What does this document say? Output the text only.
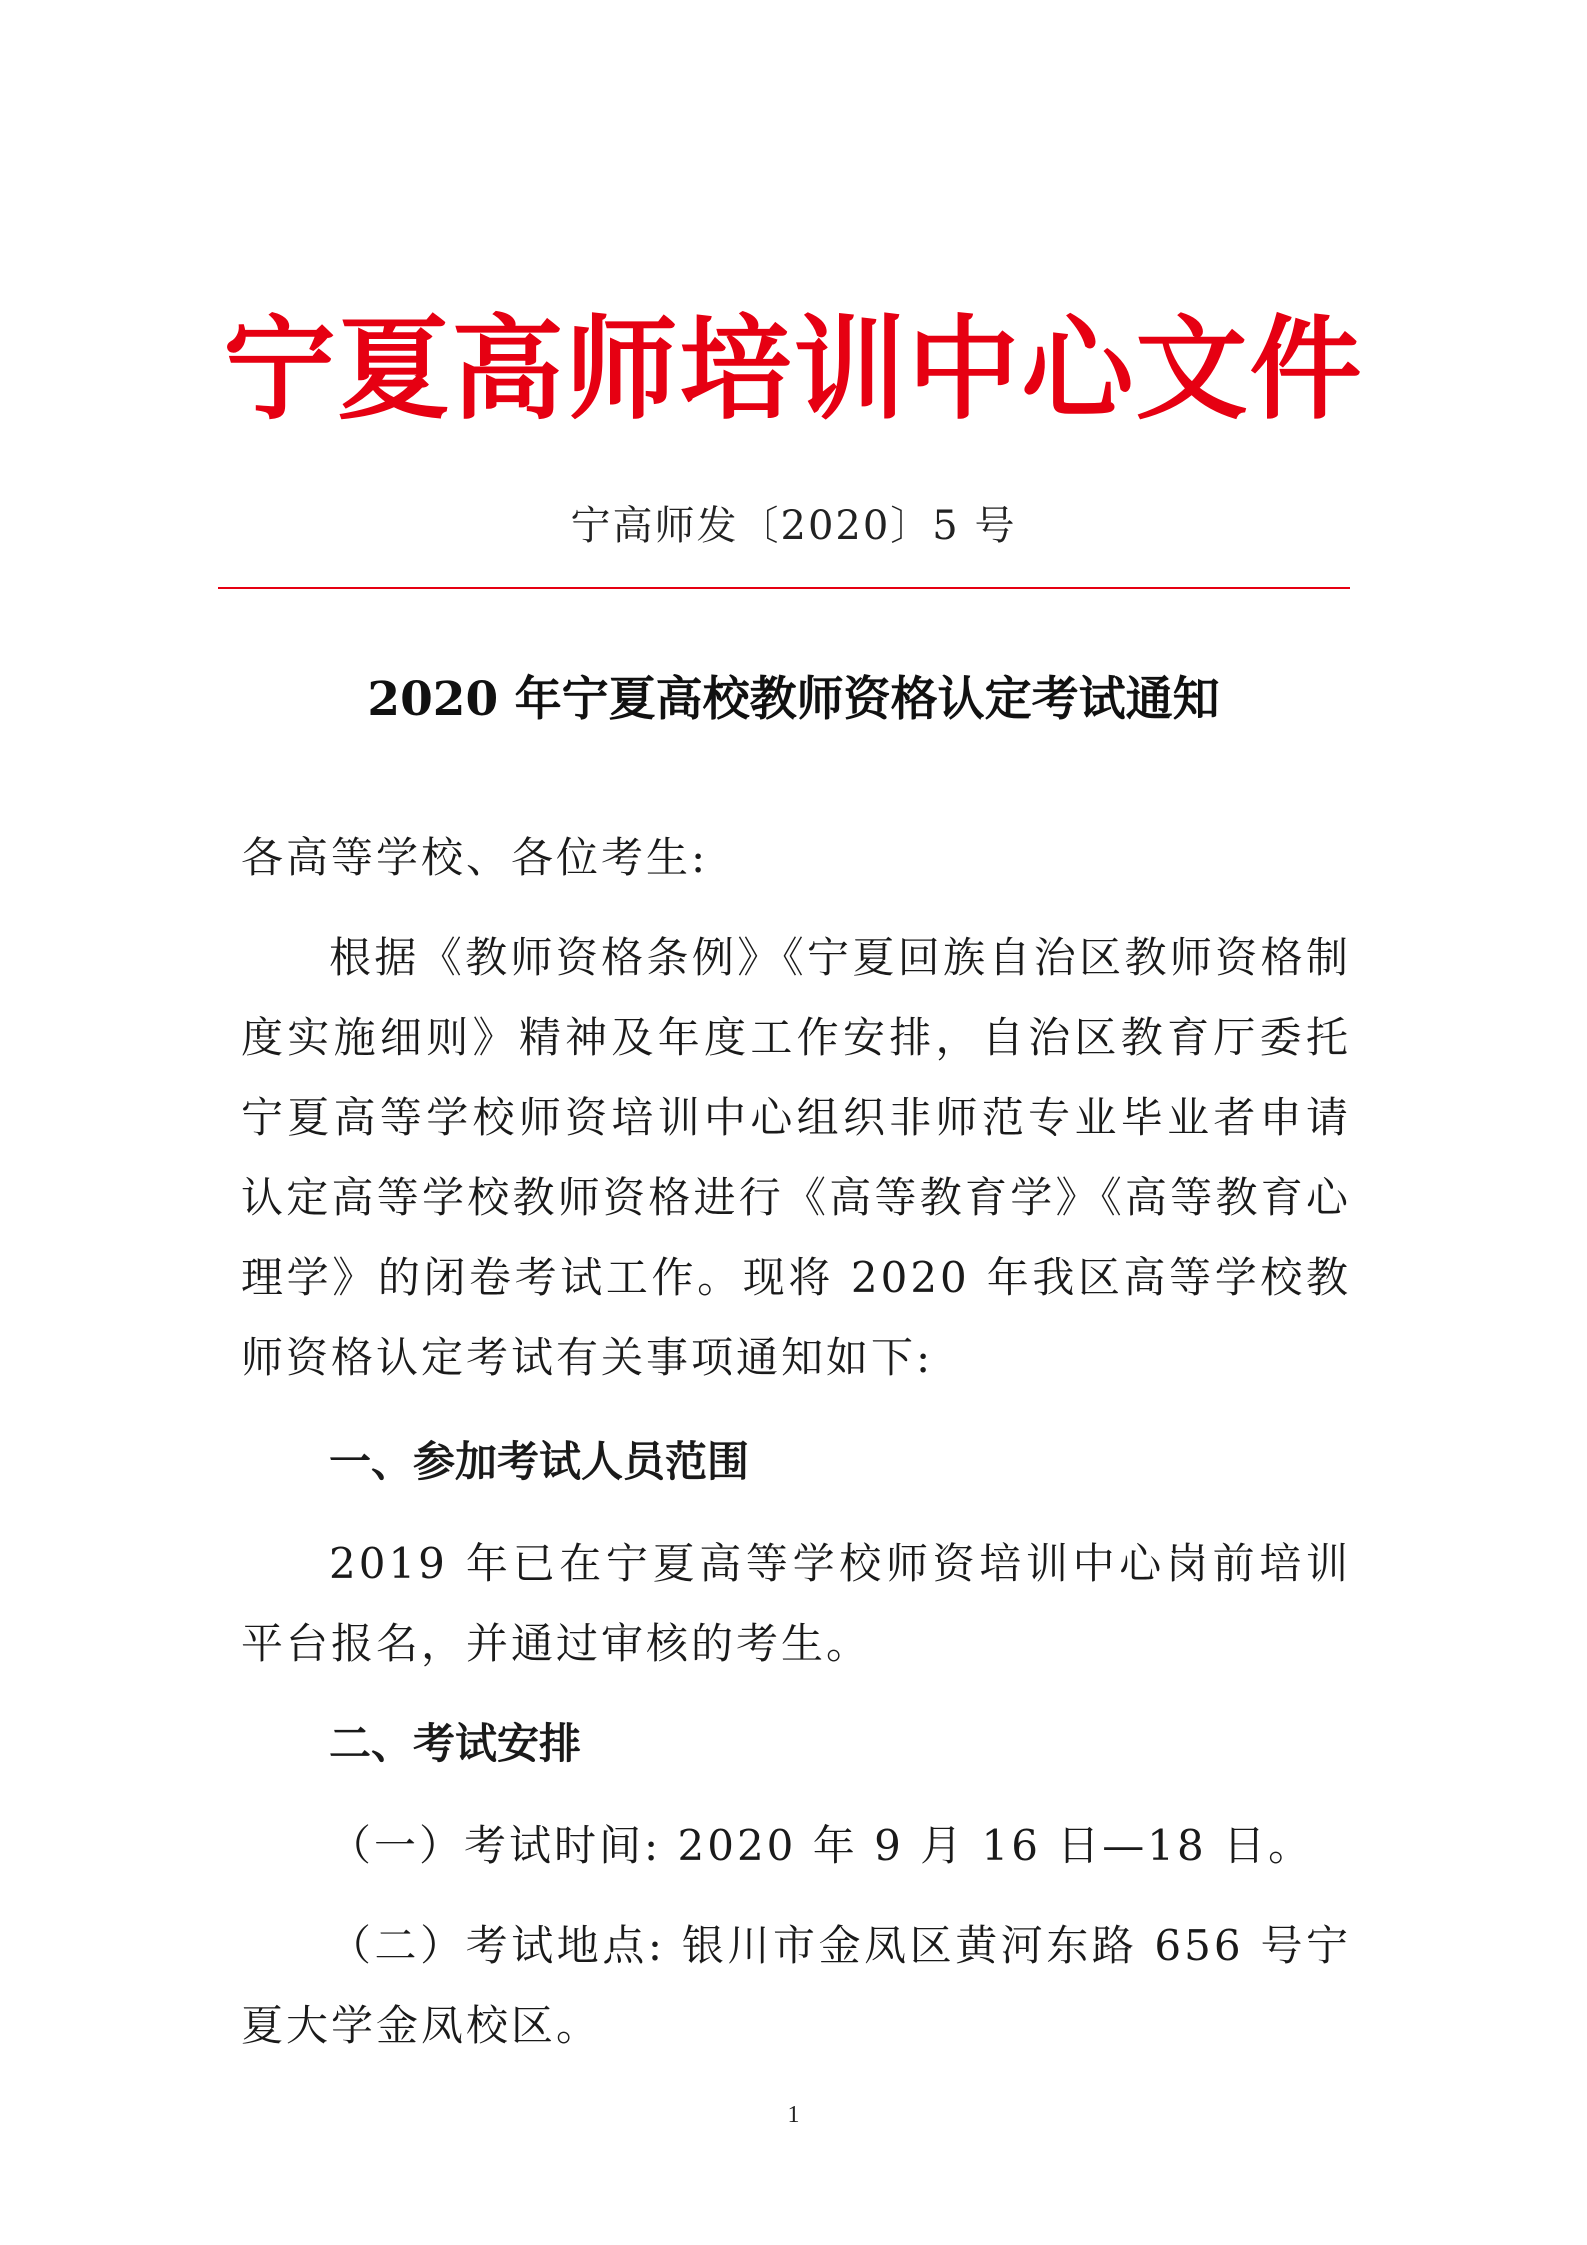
宁夏高师培训中心文件
宁高师发〔2020〕5 号
2020 年宁夏高校教师资格认定考试通知

各高等学校、各位考生:

根据《教师资格条例》《宁夏回族自治区教师资格制度实施细则》精神及年度工作安排，自治区教育厅委托宁夏高等学校师资培训中心组织非师范专业毕业者申请认定高等学校教师资格进行《高等教育学》《高等教育心理学》的闭卷考试工作。现将 2020 年我区高等学校教师资格认定考试有关事项通知如下:

一、参加考试人员范围

2019 年已在宁夏高等学校师资培训中心岗前培训平台报名，并通过审核的考生。

二、考试安排

（一）考试时间: 2020 年 9 月 16 日—18 日。

（二）考试地点: 银川市金凤区黄河东路 656 号宁夏大学金凤校区。

1
